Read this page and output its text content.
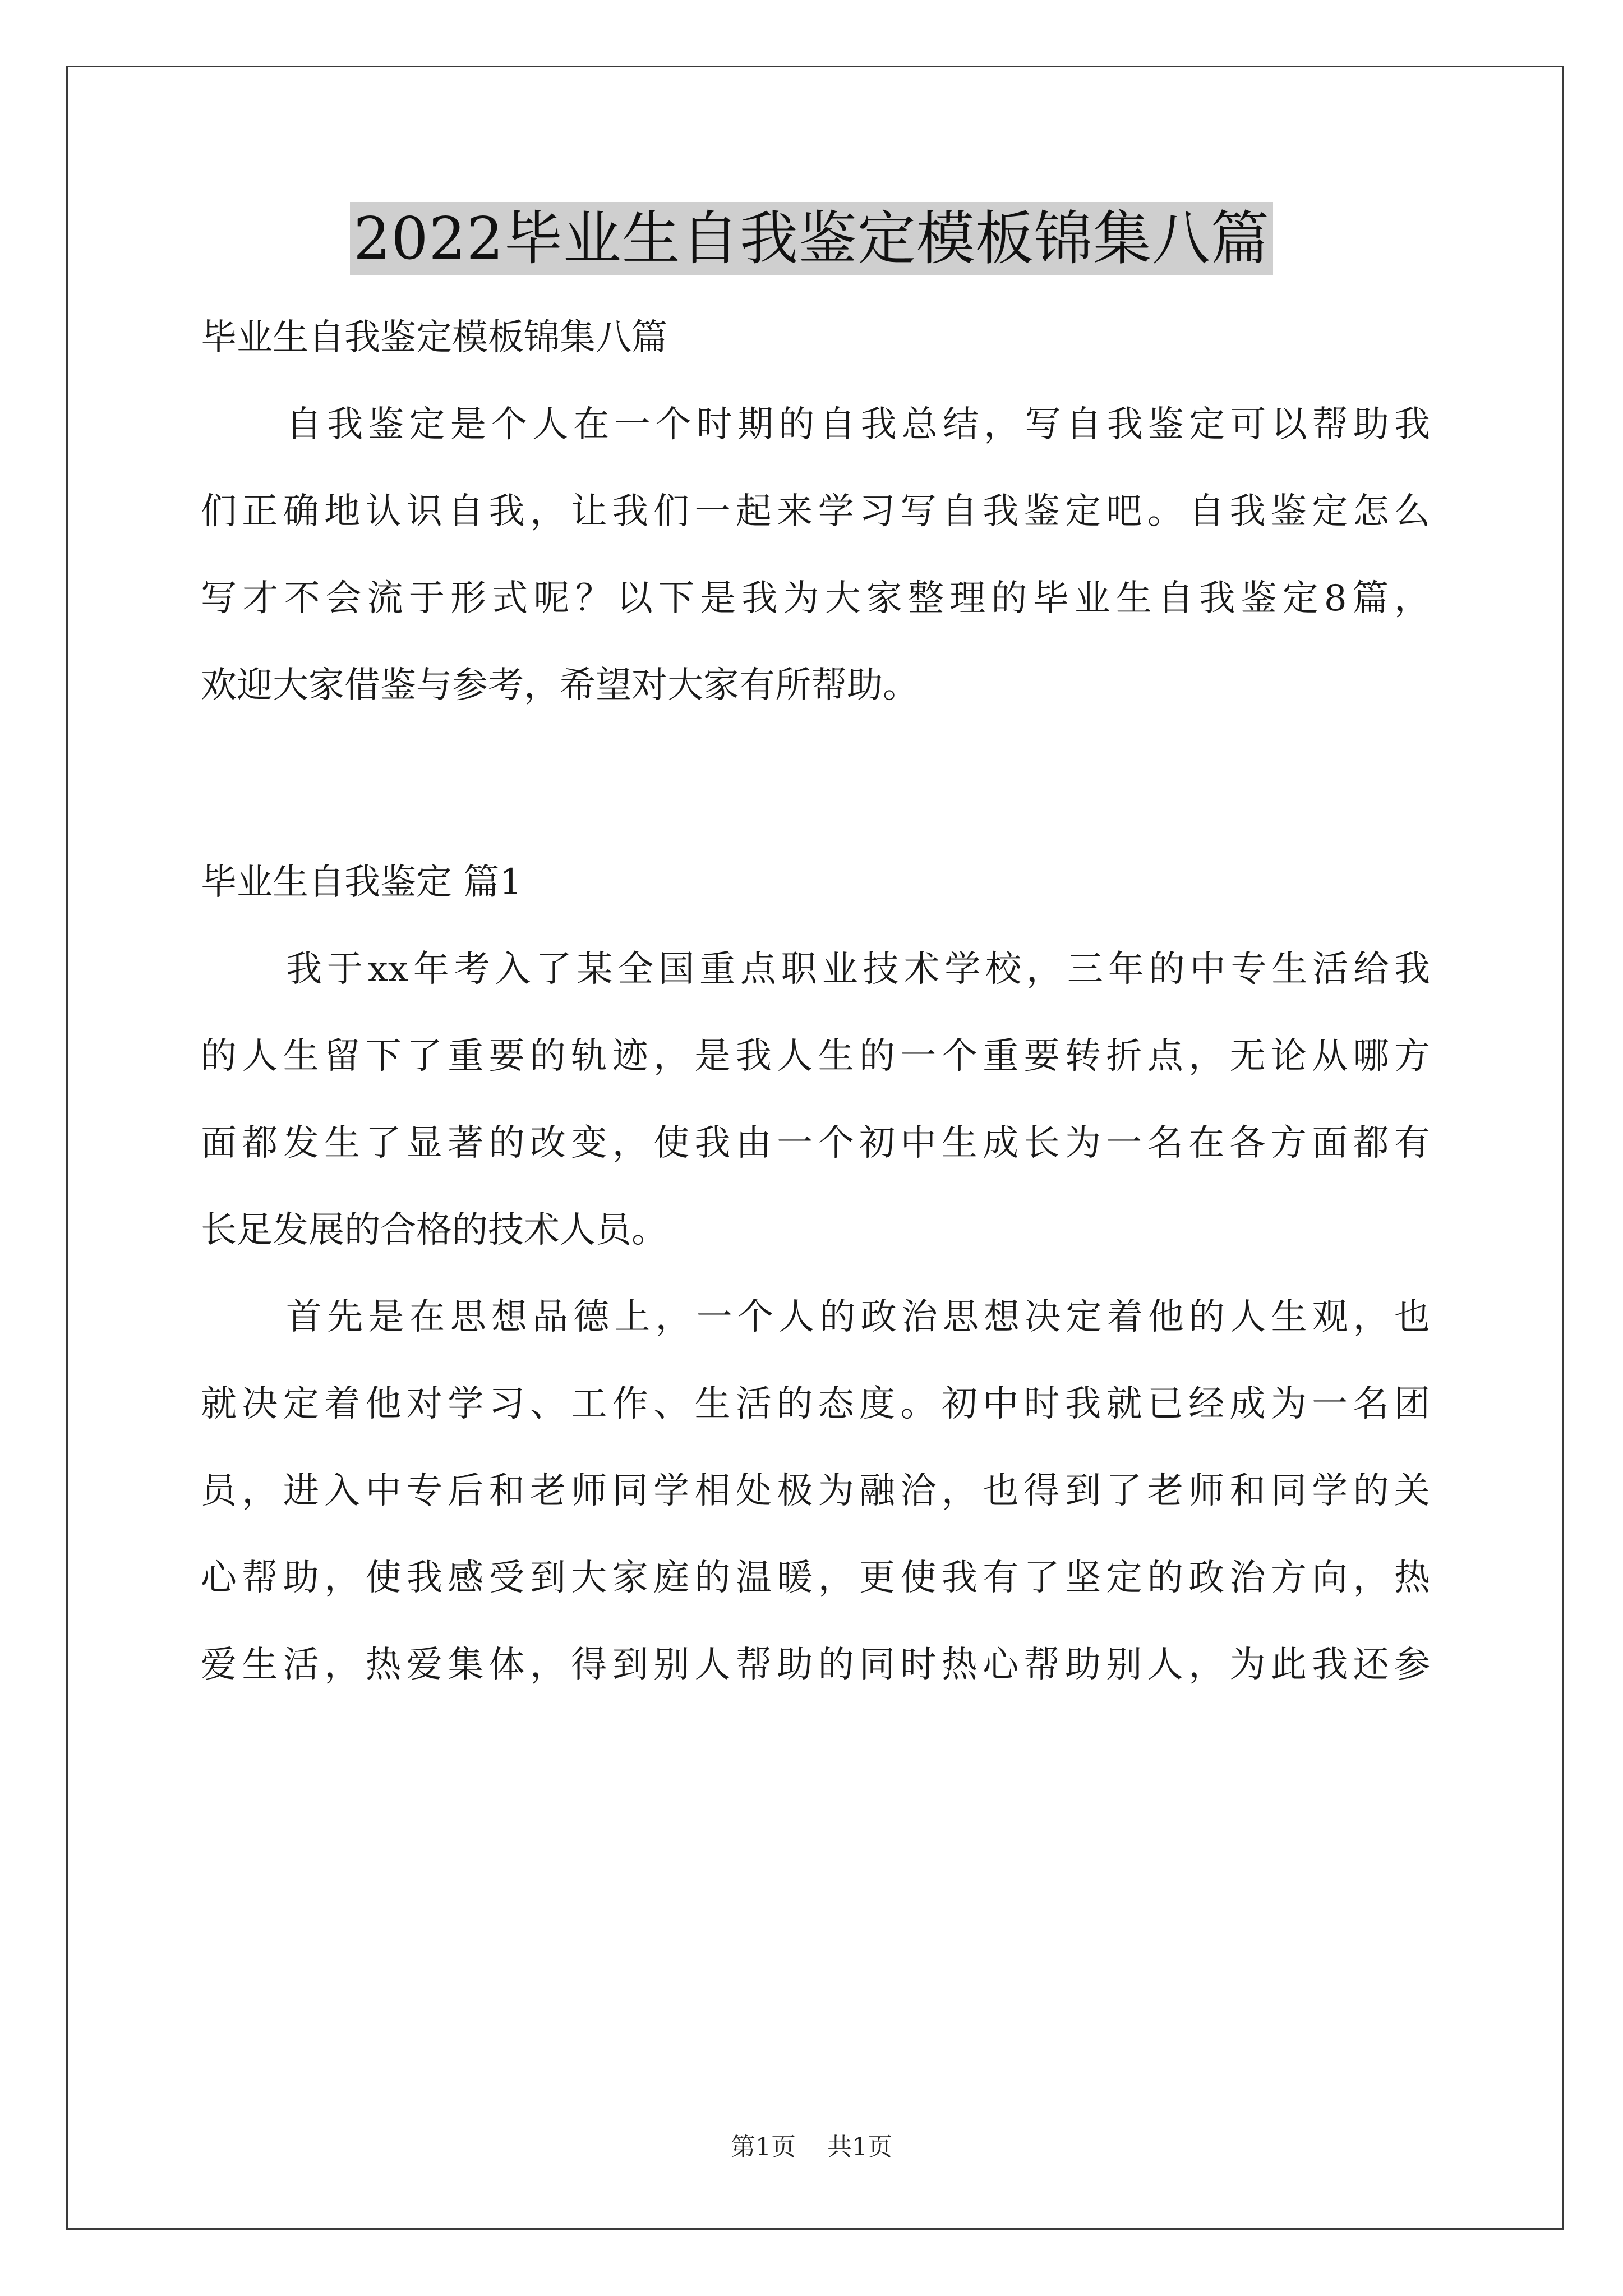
2022毕业生自我鉴定模板锦集八篇
毕业生自我鉴定模板锦集八篇
自我鉴定是个人在一个时期的自我总结，写自我鉴定可以帮助我
们正确地认识自我，让我们一起来学习写自我鉴定吧。自我鉴定怎么
写才不会流于形式呢？以下是我为大家整理的毕业生自我鉴定8篇，
欢迎大家借鉴与参考，希望对大家有所帮助。
毕业生自我鉴定 篇1
我于xx年考入了某全国重点职业技术学校，三年的中专生活给我
的人生留下了重要的轨迹，是我人生的一个重要转折点，无论从哪方
面都发生了显著的改变，使我由一个初中生成长为一名在各方面都有
长足发展的合格的技术人员。
首先是在思想品德上，一个人的政治思想决定着他的人生观，也
就决定着他对学习、工作、生活的态度。初中时我就已经成为一名团
员，进入中专后和老师同学相处极为融洽，也得到了老师和同学的关
心帮助，使我感受到大家庭的温暖，更使我有了坚定的政治方向，热
爱生活，热爱集体，得到别人帮助的同时热心帮助别人，为此我还参
第1页    共1页
